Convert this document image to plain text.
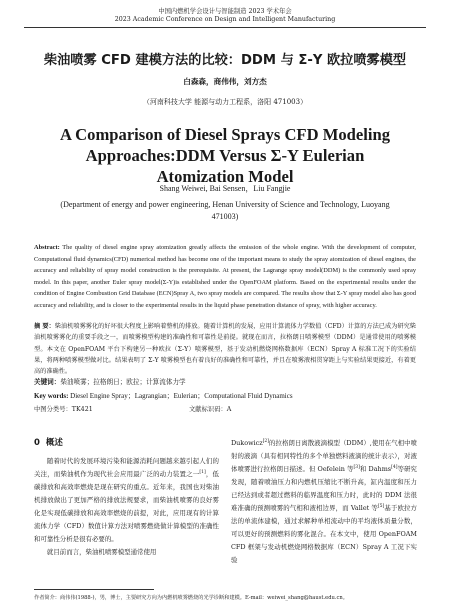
中国内燃机学会设计与智能制造 2023 学术年会
2023 Academic Conference on Design and Intelligent Manufacturing
柴油喷雾 CFD 建模方法的比较：DDM 与 Σ-Y 欧拉喷雾模型
白森森，商伟伟，刘方杰
（河南科技大学 能源与动力工程系，洛阳 471003）
A Comparison of Diesel Sprays CFD Modeling Approaches:DDM Versus Σ-Y Eulerian Atomization Model
Shang Weiwei, Bai Sensen，Liu Fangjie
(Department of energy and power engineering, Henan University of Science and Technology, Luoyang 471003)
Abstract: The quality of diesel engine spray atomization greatly affects the emission of the whole engine. With the development of computer, Computational fluid dynamics(CFD) numerical method has become one of the important means to study the spray atomization of diesel engines, the accuracy and reliability of spray model construction is the prerequisite. At present, the Lagrange spray model(DDM) is the commonly used spray model. In this paper, another Euler spray model(Σ-Y)is established under the OpenFOAM platform. Based on the experimental results under the condition of Engine Combustion Grid Database (ECN)Spray A, two spray models are compared. The results show that Σ-Y spray model also has good accuracy and reliability, and is closer to the experimental results in the liquid phase penetration distance of spray, with higher accuracy.
摘 要：柴油机喷雾雾化的好坏很大程度上影响着整机的排放。随着计算机的发展，应用计算流体力学数值（CFD）计算的方法已成为研究柴油机喷雾雾化的重要手段之一，而喷雾模型构建的准确性和可靠性是前提。就现在而言，拉格朗日喷雾模型（DDM）是通常使用的喷雾模型。本文在 OpenFOAM 平台下构建另一种欧拉（Σ-Y）喷雾模型，基于发动机燃烧网格数据库（ECN）Spray A 标准工况下的实验结果，将两种喷雾模型做对比。结果表明了 Σ-Y 喷雾模型也有着良好的准确性和可靠性，并且在喷雾液相贯穿距上与实验结果更接近，有着更高的准确性。
关键词：柴油喷雾；拉格朗日；欧拉；计算流体力学
Key words: Diesel Engine Spray；Lagrangian；Eulerian；Computational Fluid Dynamics
中图分类号：TK421	文献标识码：A
0 概述

随着时代的发展环境污染和能源消耗问题越来越引起人们的关注，而柴油机作为现代社会应用最广泛的动力装置之一[1]，低碳排放和高效率燃烧是现在研究的重点。近年来，我国也对柴油机排放做出了更加严格的排放法规要求，而柴油机喷雾的良好雾化是实现低碳排放和高效率燃烧的前提，对此，应用现有的计算流体力学（CFD）数值计算方法对喷雾燃烧做计算模型的准确性和可靠性分析是很有必要的。

就目前而言，柴油机喷雾模型通常使用

Dukowicz[2]的拉格朗日离散液滴模型（DDM）,使用在气相中喷射的液滴（具有相同特性的多个单独燃料液滴的统计表示），对液体喷雾进行拉格朗日描述。但 Oefelein 等[3]和 Dahms[4]等研究发现，随着喷油压力和内燃机压缩比不断升高，缸内温度和压力已经达到或者超过燃料的临界温度和压力时，此时的 DDM 法很难准确的预测喷雾的气相和液相边界，而 Vallet 等[5]基于欧拉方法的单流体建模，通过求解种单相流动中的平均液体质量分数，可以更好的预测燃料的雾化混合。在本文中，使用 OpenFOAM CFD 框架与发动机燃烧网格数据库（ECN）Spray A 工况下实验

作者简介：商伟伟(1988-)，男，博士，主要研究方向为内燃机喷雾燃烧的光学诊断和建模。E-mail：weiwei_shang@haust.edu.cn。
